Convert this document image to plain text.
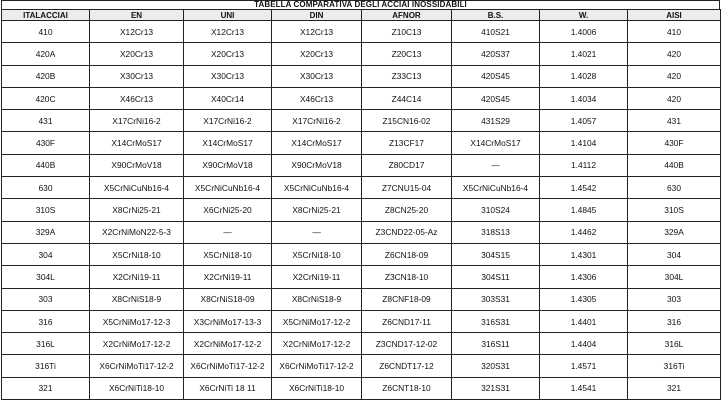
TABELLA COMPARATIVA DEGLI ACCIAI INOSSIDABILI
ITALACCIAI	EN	UNI	DIN	AFNOR	B.S.	W.	AISI
410	X12Cr13	X12Cr13	X12Cr13	Z10C13	410S21	1.4006	410
420A	X20Cr13	X20Cr13	X20Cr13	Z20C13	420S37	1.4021	420
420B	X30Cr13	X30Cr13	X30Cr13	Z33C13	420S45	1.4028	420
420C	X46Cr13	X40Cr14	X46Cr13	Z44C14	420S45	1.4034	420
431	X17CrNi16-2	X17CrNi16-2	X17CrNi16-2	Z15CN16-02	431S29	1.4057	431
430F	X14CrMoS17	X14CrMoS17	X14CrMoS17	Z13CF17	X14CrMoS17	1.4104	430F
440B	X90CrMoV18	X90CrMoV18	X90CrMoV18	Z80CD17	—	1.4112	440B
630	X5CrNiCuNb16-4	X5CrNiCuNb16-4	X5CrNiCuNb16-4	Z7CNU15-04	X5CrNiCuNb16-4	1.4542	630
310S	X8CrNi25-21	X6CrNi25-20	X8CrNi25-21	Z8CN25-20	310S24	1.4845	310S
329A	X2CrNiMoN22-5-3	—	—	Z3CND22-05-Az	318S13	1.4462	329A
304	X5CrNi18-10	X5CrNi18-10	X5CrNi18-10	Z6CN18-09	304S15	1.4301	304
304L	X2CrNi19-11	X2CrNi19-11	X2CrNi19-11	Z3CN18-10	304S11	1.4306	304L
303	X8CrNiS18-9	X8CrNiS18-09	X8CrNiS18-9	Z8CNF18-09	303S31	1.4305	303
316	X5CrNiMo17-12-3	X3CrNiMo17-13-3	X5CrNiMo17-12-2	Z6CND17-11	316S31	1.4401	316
316L	X2CrNiMo17-12-2	X2CrNiMo17-12-2	X2CrNiMo17-12-2	Z3CND17-12-02	316S11	1.4404	316L
316Ti	X6CrNiMoTi17-12-2	X6CrNiMoTi17-12-2	X6CrNiMoTi17-12-2	Z6CNDT17-12	320S31	1.4571	316Ti
321	X6CrNiTi18-10	X6CrNiTi 18 11	X6CrNiTi18-10	Z6CNT18-10	321S31	1.4541	321
